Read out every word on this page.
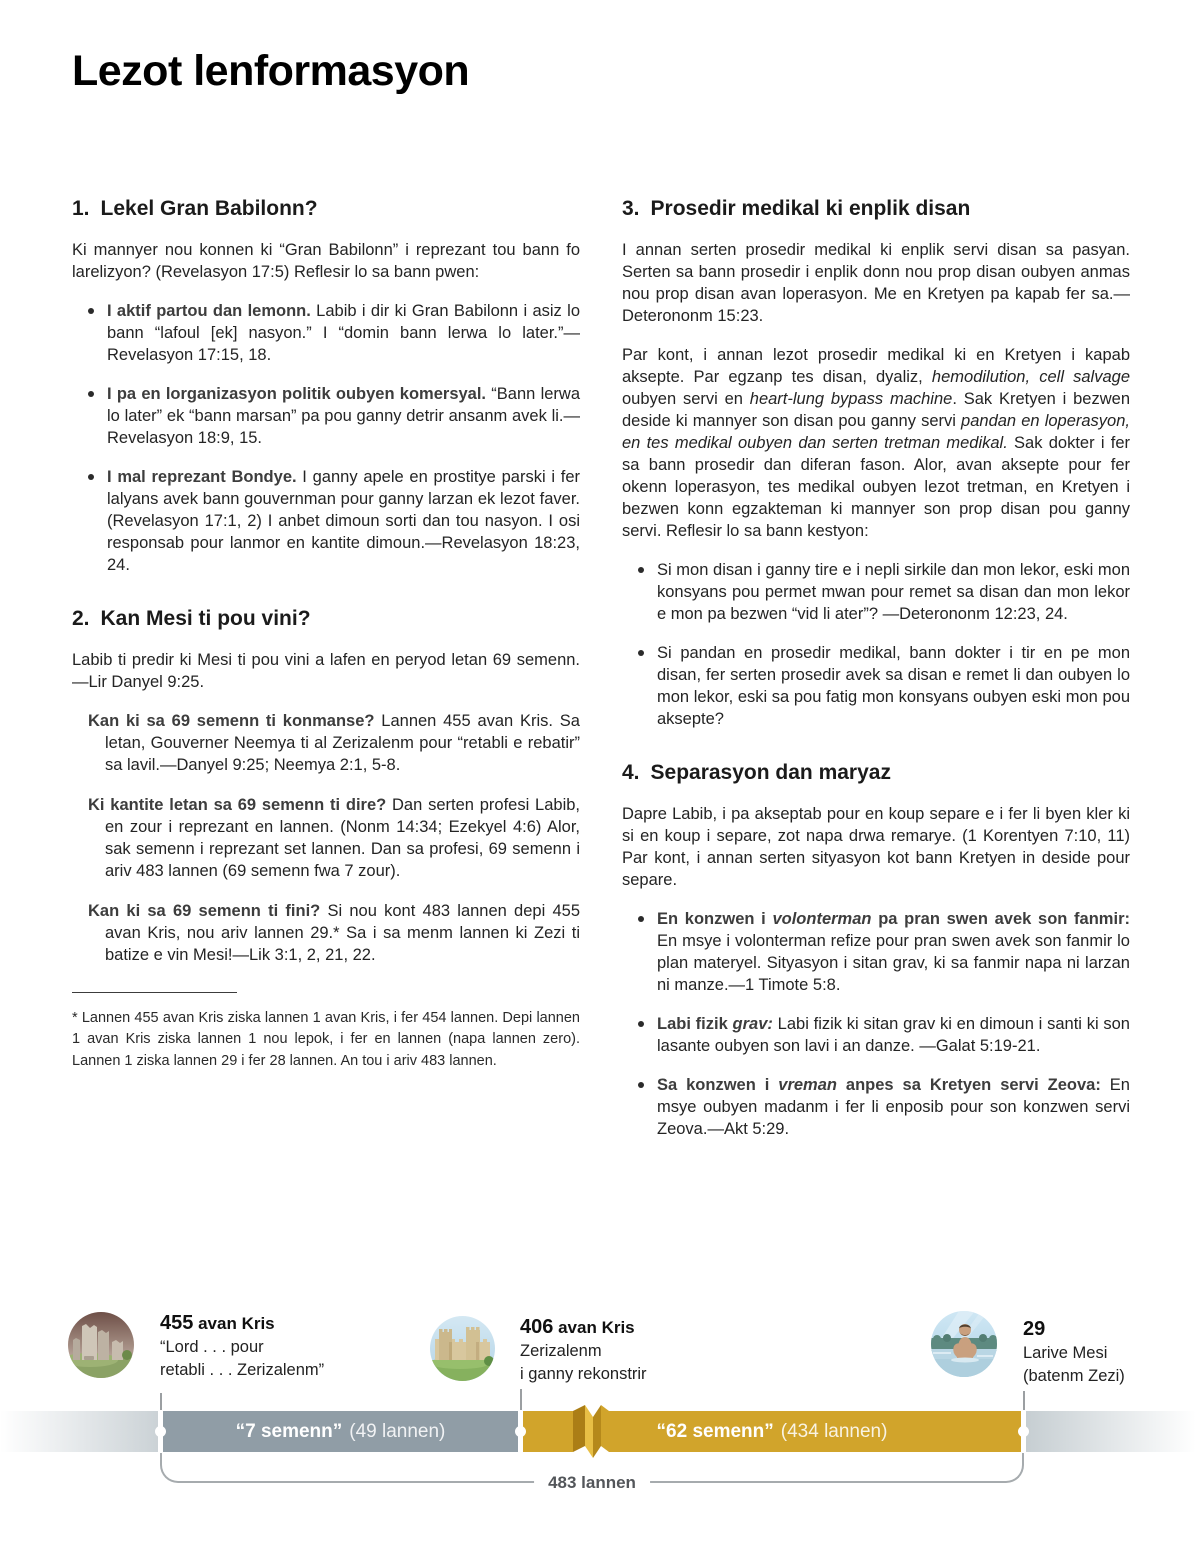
Lezot lenformasyon
1. Lekel Gran Babilonn?

Ki mannyer nou konnen ki “Gran Babilonn” i reprezant tou bann fo larelizyon? (Revelasyon 17:5) Reflesir lo sa bann pwen:

I aktif partou dan lemonn. Labib i dir ki Gran Babilonn i asiz lo bann “lafoul [ek] nasyon.” I “domin bann lerwa lo later.”—Revelasyon 17:15, 18.
I pa en lorganizasyon politik oubyen komersyal. “Bann lerwa lo later” ek “bann marsan” pa pou ganny detrir ansanm avek li.—Revelasyon 18:9, 15.
I mal reprezant Bondye. I ganny apele en prostitye parski i fer lalyans avek bann gouvernman pour ganny larzan ek lezot faver. (Revelasyon 17:1, 2) I anbet dimoun sorti dan tou nasyon. I osi responsab pour lanmor en kantite dimoun.—Revelasyon 18:23, 24.
2. Kan Mesi ti pou vini?

Labib ti predir ki Mesi ti pou vini a lafen en peryod letan 69 semenn.—Lir Danyel 9:25.

Kan ki sa 69 semenn ti konmanse? Lannen 455 avan Kris. Sa letan, Gouverner Neemya ti al Zerizalenm pour “retabli e rebatir” sa lavil.—Danyel 9:25; Neemya 2:1, 5-8.

Ki kantite letan sa 69 semenn ti dire? Dan serten profesi Labib, en zour i reprezant en lannen. (Nonm 14:34; Ezekyel 4:6) Alor, sak semenn i reprezant set lannen. Dan sa profesi, 69 semenn i ariv 483 lannen (69 semenn fwa 7 zour).

Kan ki sa 69 semenn ti fini? Si nou kont 483 lannen depi 455 avan Kris, nou ariv lannen 29.* Sa i sa menm lannen ki Zezi ti batize e vin Mesi!—Lik 3:1, 2, 21, 22.

* Lannen 455 avan Kris ziska lannen 1 avan Kris, i fer 454 lannen. Depi lannen 1 avan Kris ziska lannen 1 nou lepok, i fer en lannen (napa lannen zero). Lannen 1 ziska lannen 29 i fer 28 lannen. An tou i ariv 483 lannen.

3. Prosedir medikal ki enplik disan

I annan serten prosedir medikal ki enplik servi disan sa pasyan. Serten sa bann prosedir i enplik donn nou prop disan oubyen anmas nou prop disan avan loperasyon. Me en Kretyen pa kapab fer sa.—Deterononm 15:23.

Par kont, i annan lezot prosedir medikal ki en Kretyen i kapab aksepte. Par egzanp tes disan, dyaliz, hemodilution, cell salvage oubyen servi en heart-lung bypass machine. Sak Kretyen i bezwen deside ki mannyer son disan pou ganny servi pandan en loperasyon, en tes medikal oubyen dan serten tretman medikal. Sak dokter i fer sa bann prosedir dan diferan fason. Alor, avan aksepte pour fer okenn loperasyon, tes medikal oubyen lezot tretman, en Kretyen i bezwen konn egzakteman ki mannyer son prop disan pou ganny servi. Reflesir lo sa bann kestyon:

Si mon disan i ganny tire e i nepli sirkile dan mon lekor, eski mon konsyans pou permet mwan pour remet sa disan dan mon lekor e mon pa bezwen “vid li ater”? —Deterononm 12:23, 24.
Si pandan en prosedir medikal, bann dokter i tir en pe mon disan, fer serten prosedir avek sa disan e remet li dan oubyen lo mon lekor, eski sa pou fatig mon konsyans oubyen eski mon pou aksepte?
4. Separasyon dan maryaz

Dapre Labib, i pa akseptab pour en koup separe e i fer li byen kler ki si en koup i separe, zot napa drwa remarye. (1 Korentyen 7:10, 11) Par kont, i annan serten sityasyon kot bann Kretyen in deside pour separe.

En konzwen i volonterman pa pran swen avek son fanmir: En msye i volonterman refize pour pran swen avek son fanmir lo plan materyel. Sityasyon i sitan grav, ki sa fanmir napa ni larzan ni manze.—1 Timote 5:8.
Labi fizik grav: Labi fizik ki sitan grav ki en dimoun i santi ki son lasante oubyen son lavi i an danze. —Galat 5:19-21.
Sa konzwen i vreman anpes sa Kretyen servi Zeova: En msye oubyen madanm i fer li enposib pour son konzwen servi Zeova.—Akt 5:29.
455 avan Kris
“Lord . . . pour
retabli . . . Zerizalenm”
406 avan Kris
Zerizalenm
i ganny rekonstrir
29
Larive Mesi
(batenm Zezi)
“7 semenn” (49 lannen)	“62 semenn” (434 lannen)
483 lannen
